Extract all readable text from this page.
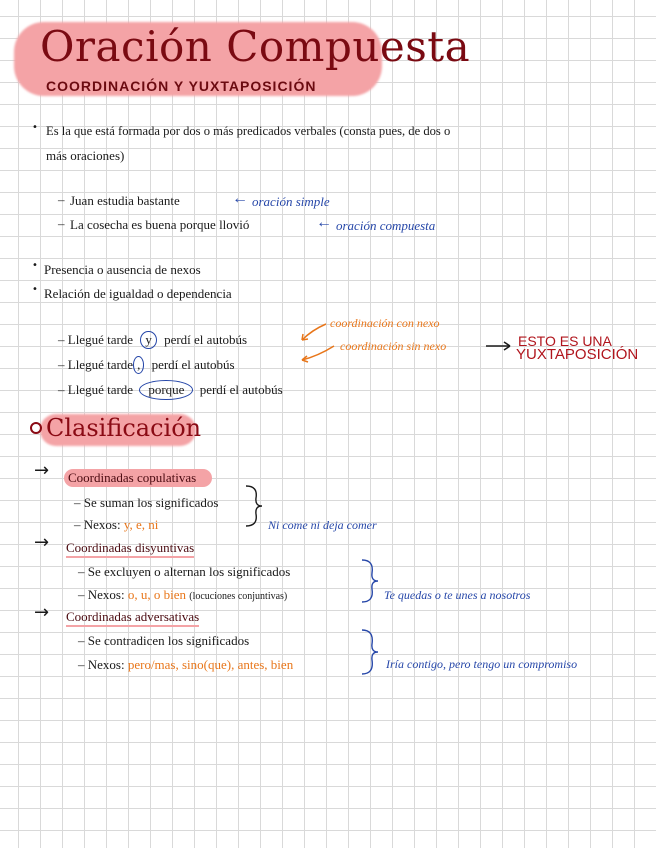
Oración Compuesta
COORDINACIÓN Y YUXTAPOSICIÓN
• Es la que está formada por dos o más predicados verbales (consta pues, de dos o
más oraciones)
– Juan estudia bastante	← oración simple
– La cosecha es buena porque llovió	← oración compuesta
• Presencia o ausencia de nexos
• Relación de igualdad o dependencia
– Llegué tarde y perdí el autobús
– Llegué tarde , perdí el autobús
– Llegué tarde porque perdí el autobús
coordinación con nexo
coordinación sin nexo	ESTO ES UNA
YUXTAPOSICIÓN
Clasificación
→ Coordinadas copulativas
– Se suman los significados
– Nexos: y, e, ni	Ni come ni deja comer
→ Coordinadas disyuntivas
– Se excluyen o alternan los significados
– Nexos: o, u, o bien (locuciones conjuntivas)	Te quedas o te unes a nosotros
→ Coordinadas adversativas
– Se contradicen los significados
– Nexos: pero/mas, sino(que), antes, bien	Iría contigo, pero tengo un compromiso
